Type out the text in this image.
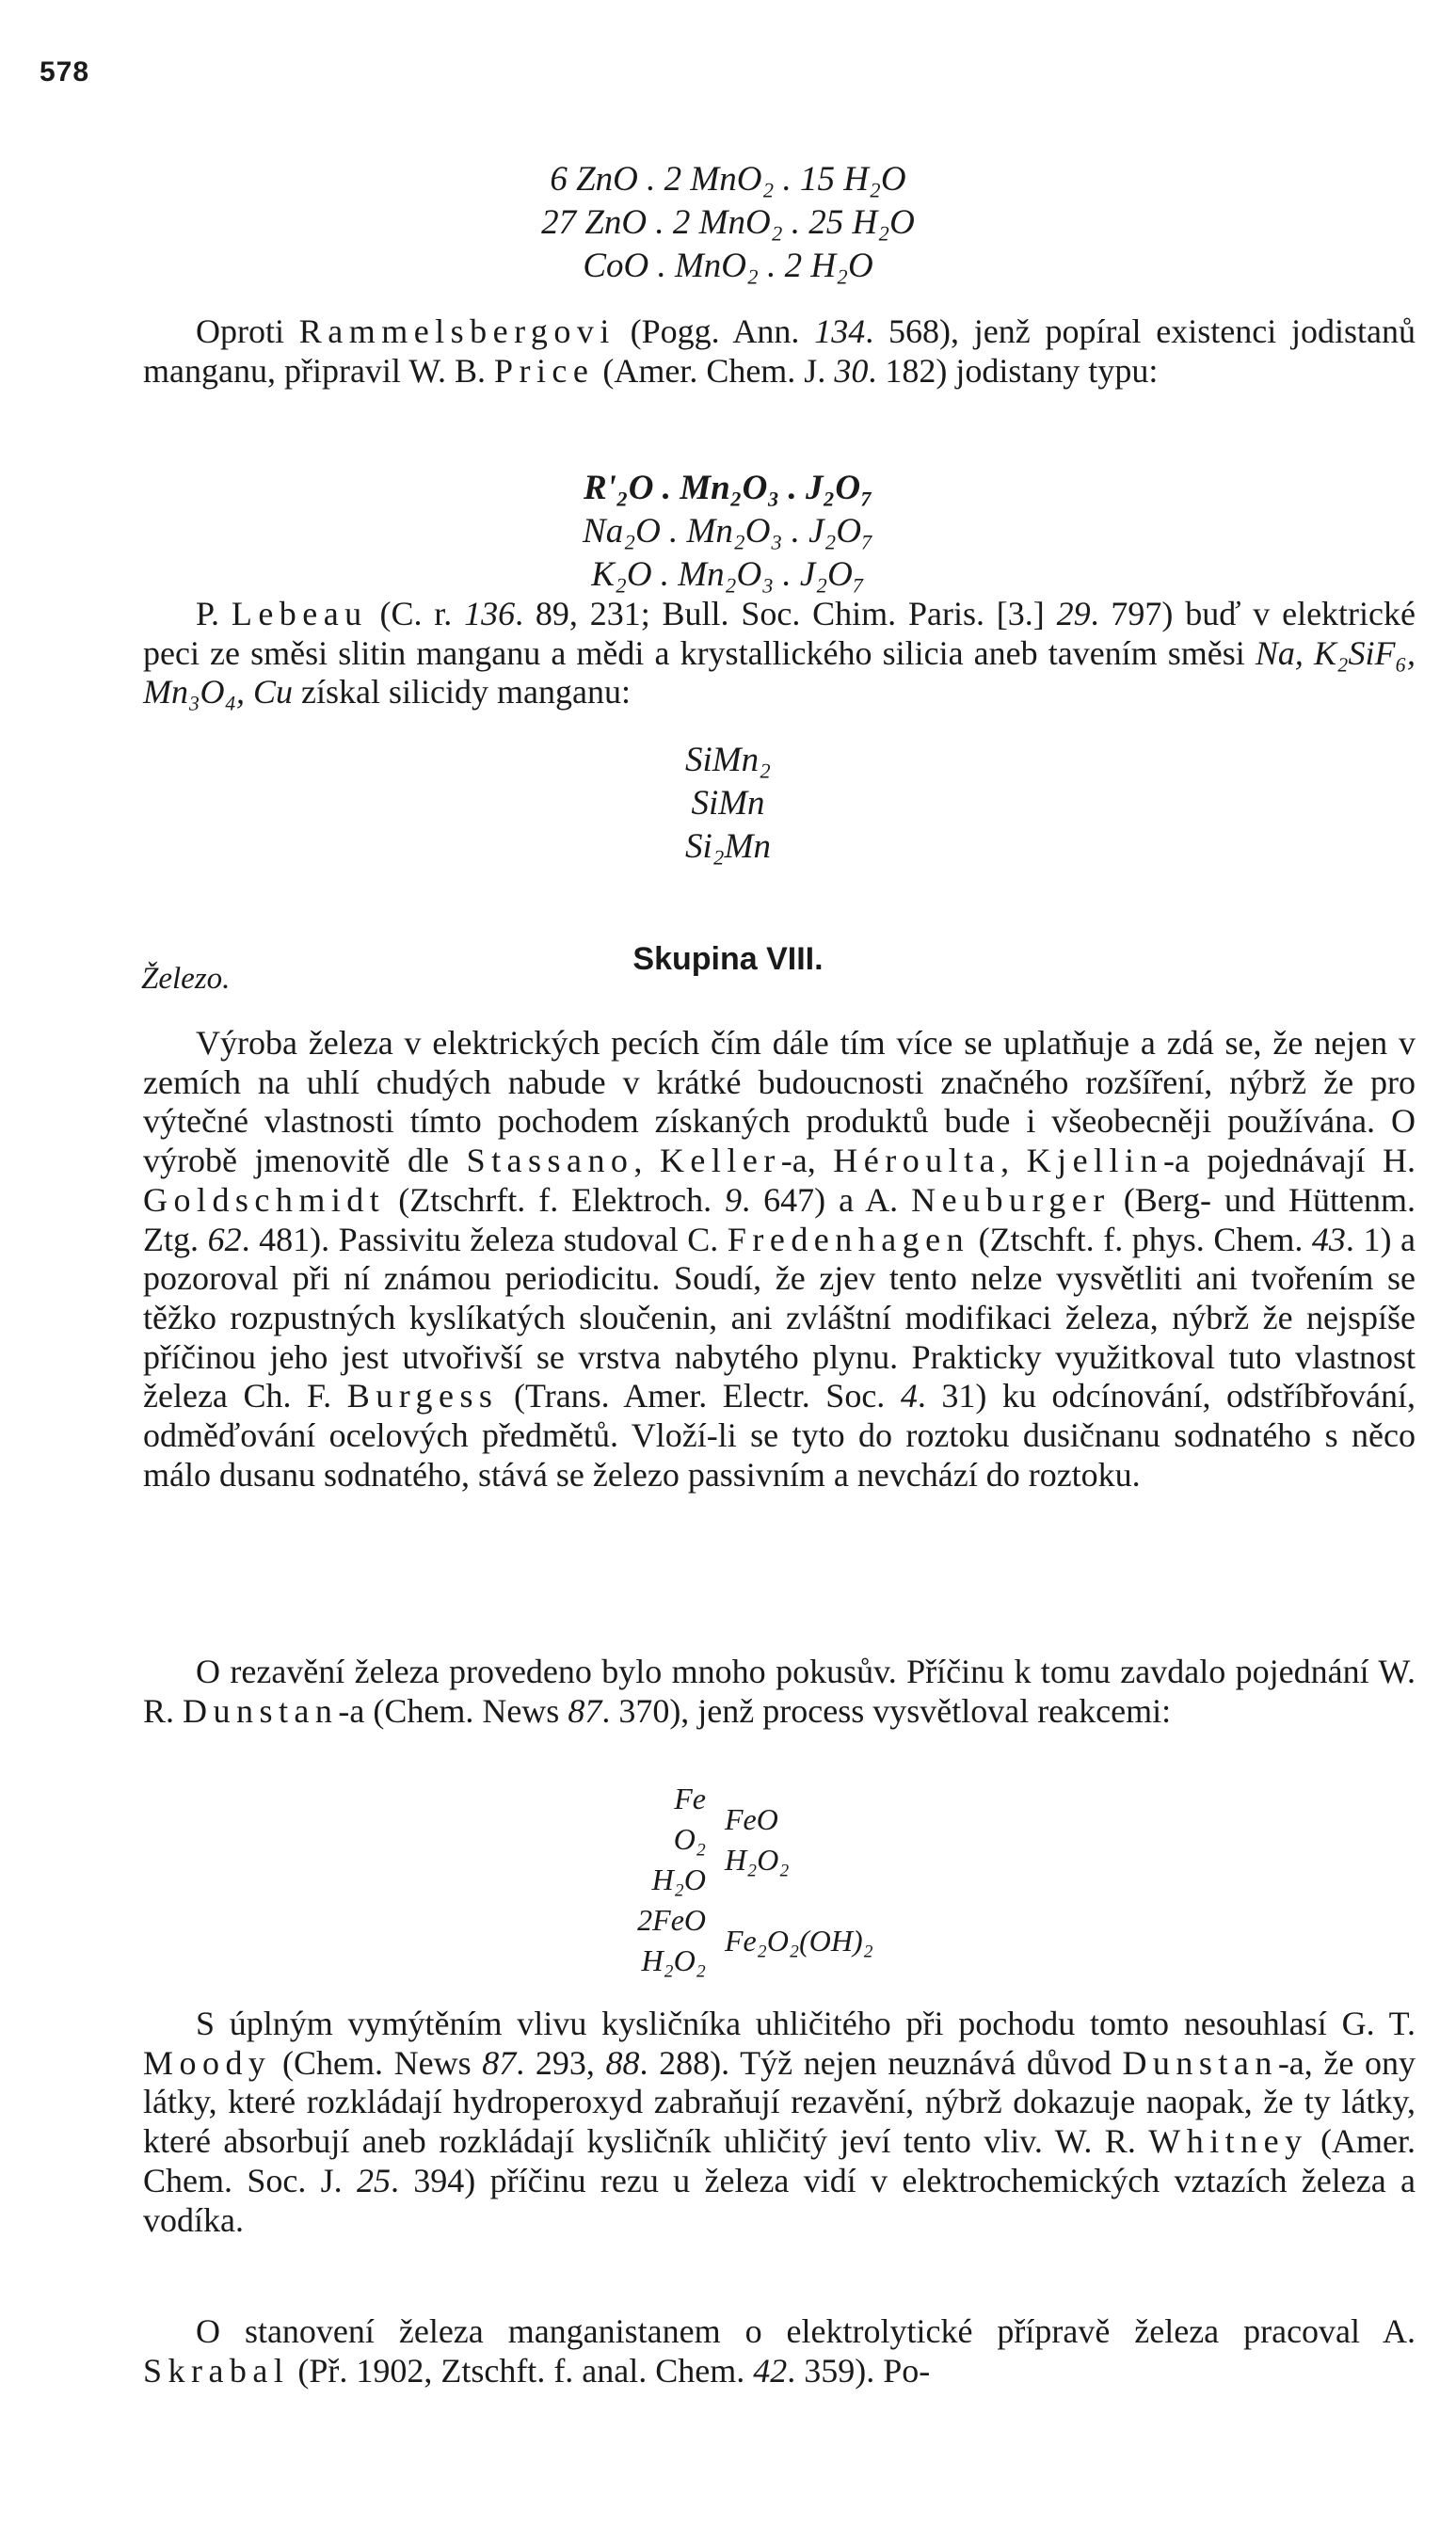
578
6 ZnO . 2 MnO₂ . 15 H₂O
27 ZnO . 2 MnO₂ . 25 H₂O
CoO . MnO₂ . 2 H₂O

Oproti Rammelsbergovi (Pogg. Ann. 134. 568), jenž popíral existenci jodistanů manganu, připravil W. B. Price (Amer. Chem. J. 30. 182) jodistany typu:

R'₂O . Mn₂O₃ . J₂O₇
Na₂O . Mn₂O₃ . J₂O₇
K₂O . Mn₂O₃ . J₂O₇

P. Lebeau (C. r. 136. 89, 231; Bull. Soc. Chim. Paris. [3.] 29. 797) buď v elektrické peci ze směsi slitin manganu a mědi a krystallického silicia aneb tavením směsi Na, K₂SiF₆, Mn₃O₄, Cu získal silicidy manganu:

SiMn₂
SiMn
Si₂Mn
Skupina VIII.
Železo.

Výroba železa v elektrických pecích čím dále tím více se uplatňuje a zdá se, že nejen v zemích na uhlí chudých nabude v krátké budoucnosti značného rozšíření, nýbrž že pro výtečné vlastnosti tímto pochodem získaných produktů bude i všeobecněji používána. O výrobě jmenovitě dle Stassano, Keller-a, Héroulta, Kjellin-a pojednávají H. Goldschmidt (Ztschrft. f. Elektroch. 9. 647) a A. Neuburger (Berg- und Hüttenm. Ztg. 62. 481). Passivitu železa studoval C. Fredenhagen (Ztschft. f. phys. Chem. 43. 1) a pozoroval při ní známou periodicitu. Soudí, že zjev tento nelze vysvětliti ani tvořením se těžko rozpustných kyslíkatých sloučenin, ani zvláštní modifikaci železa, nýbrž že nejspíše příčinou jeho jest utvořivší se vrstva nabytého plynu. Prakticky využitkoval tuto vlastnost železa Ch. F. Burgess (Trans. Amer. Electr. Soc. 4. 31) ku odcínování, odstříbřování, odměďování ocelových předmětů. Vloží-li se tyto do roztoku dusičnanu sodnatého s něco málo dusanu sodnatého, stává se železo passivním a nevchází do roztoku.

O rezavění železa provedeno bylo mnoho pokusův. Příčinu k tomu zavdalo pojednání W. R. Dunstan-a (Chem. News 87. 370), jenž process vysvětloval reakcemi:

Fe
O₂
H₂O
2FeO
H₂O₂
FeO
H₂O₂
Fe₂O₂(OH)₂

S úplným vymýtěním vlivu kysličníka uhličitého při pochodu tomto nesouhlasí G. T. Moody (Chem. News 87. 293, 88. 288). Týž nejen neuznává důvod Dunstan-a, že ony látky, které rozkládají hydroperoxyd zabraňují rezavění, nýbrž dokazuje naopak, že ty látky, které absorbují aneb rozkládají kysličník uhličitý jeví tento vliv. W. R. Whitney (Amer. Chem. Soc. J. 25. 394) příčinu rezu u železa vidí v elektrochemických vztazích železa a vodíka.

O stanovení železa manganistanem o elektrolytické přípravě železa pracoval A. Skrabal (Př. 1902, Ztschft. f. anal. Chem. 42. 359). Po-
